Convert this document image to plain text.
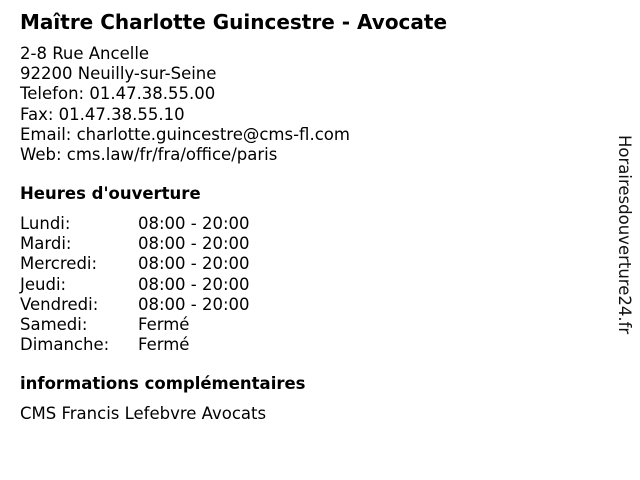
Maître Charlotte Guincestre - Avocate
2-8 Rue Ancelle
92200 Neuilly-sur-Seine
Telefon: 01.47.38.55.00
Fax: 01.47.38.55.10
Email: charlotte.guincestre@cms-fl.com
Web: cms.law/fr/fra/office/paris
Heures d'ouverture
Lundi:	08:00 - 20:00
Mardi:	08:00 - 20:00
Mercredi: 08:00 - 20:00
Jeudi:	08:00 - 20:00
Vendredi: 08:00 - 20:00
Samedi:	Fermé
Dimanche: Fermé
informations complémentaires
CMS Francis Lefebvre Avocats
Horairesdouverture24.fr
